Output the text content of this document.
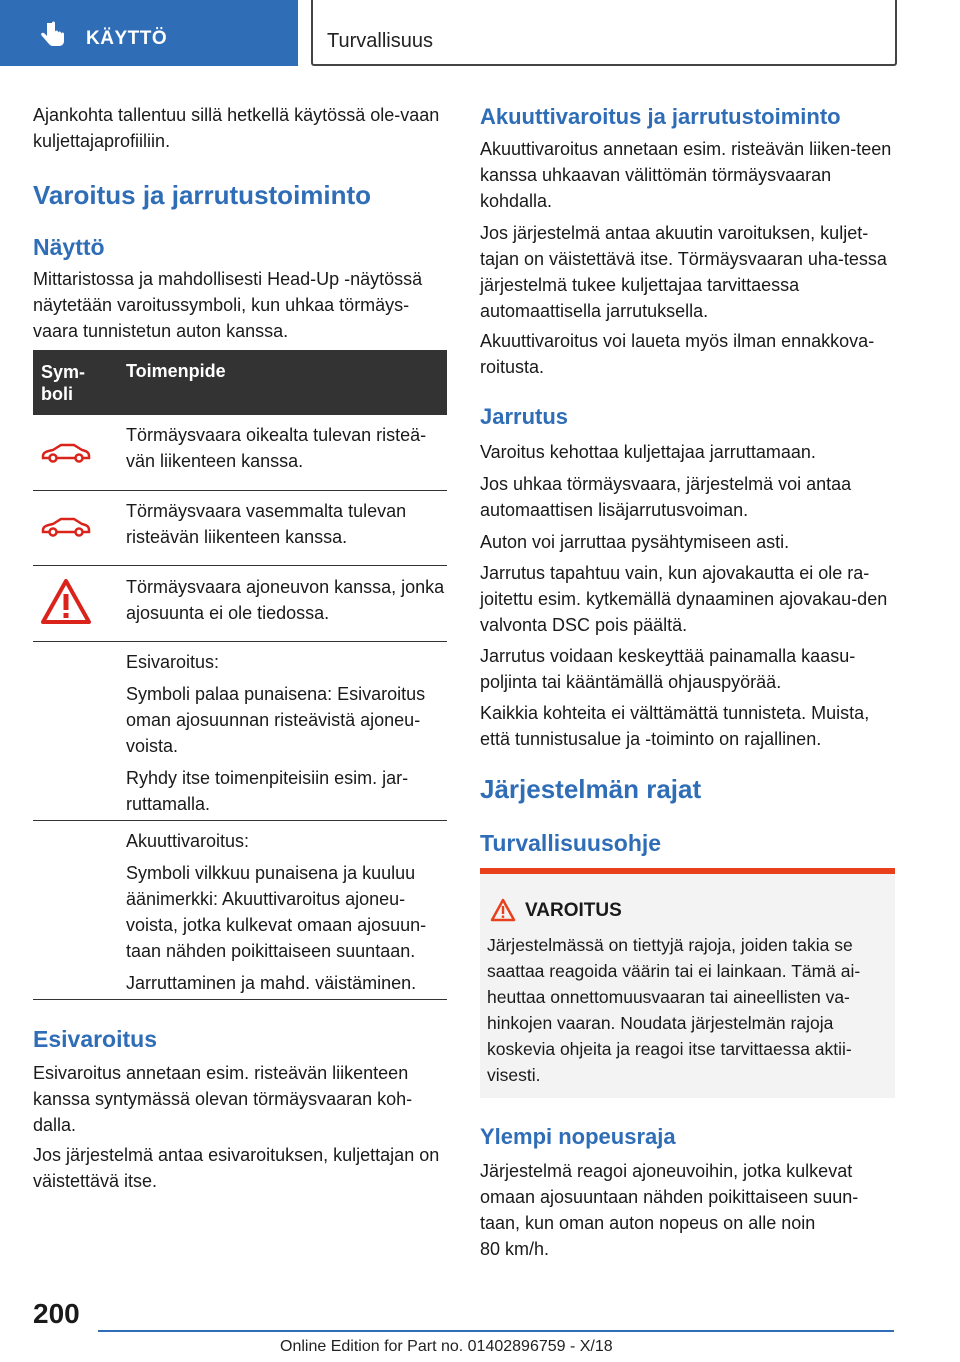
KÄYTTÖ	Turvallisuus

Ajankohta tallentuu sillä hetkellä käytössä ole-vaan kuljettajaprofiiliin.

Varoitus ja jarrutustoiminto
Näyttö

Mittaristossa ja mahdollisesti Head-Up -näytössä näytetään varoitussymboli, kun uhkaa törmäys-vaara tunnistetun auton kanssa.

Sym-boli
Toimenpide
Törmäysvaara oikealta tulevan risteä-vän liikenteen kanssa.
Törmäysvaara vasemmalta tulevan risteävän liikenteen kanssa.
Törmäysvaara ajoneuvon kanssa, jonka ajosuunta ei ole tiedossa.
Esivaroitus:
Symboli palaa punaisena: Esivaroitus oman ajosuunnan risteävistä ajoneu-voista.
Ryhdy itse toimenpiteisiin esim. jar-ruttamalla.
Akuuttivaroitus:
Symboli vilkkuu punaisena ja kuuluu äänimerkki: Akuuttivaroitus ajoneu-voista, jotka kulkevat omaan ajosuun-taan nähden poikittaiseen suuntaan.
Jarruttaminen ja mahd. väistäminen.
Esivaroitus

Esivaroitus annetaan esim. risteävän liikenteen kanssa syntymässä olevan törmäysvaaran koh-dalla.

Jos järjestelmä antaa esivaroituksen, kuljettajan on väistettävä itse.

Akuuttivaroitus ja jarrutustoiminto

Akuuttivaroitus annetaan esim. risteävän liiken-teen kanssa uhkaavan välittömän törmäysvaaran kohdalla.

Jos järjestelmä antaa akuutin varoituksen, kuljet-tajan on väistettävä itse. Törmäysvaaran uha-tessa järjestelmä tukee kuljettajaa tarvittaessa automaattisella jarrutuksella.

Akuuttivaroitus voi laueta myös ilman ennakkova-roitusta.

Jarrutus

Varoitus kehottaa kuljettajaa jarruttamaan.

Jos uhkaa törmäysvaara, järjestelmä voi antaa automaattisen lisäjarrutusvoiman.

Auton voi jarruttaa pysähtymiseen asti.

Jarrutus tapahtuu vain, kun ajovakautta ei ole ra-joitettu esim. kytkemällä dynaaminen ajovakau-den valvonta DSC pois päältä.

Jarrutus voidaan keskeyttää painamalla kaasu-poljinta tai kääntämällä ohjauspyörää.

Kaikkia kohteita ei välttämättä tunnisteta. Muista, että tunnistusalue ja -toiminto on rajallinen.

Järjestelmän rajat
Turvallisuusohje
VAROITUS
Järjestelmässä on tiettyjä rajoja, joiden takia se saattaa reagoida väärin tai ei lainkaan. Tämä ai-heuttaa onnettomuusvaaran tai aineellisten va-hinkojen vaaran. Noudata järjestelmän rajoja koskevia ohjeita ja reagoi itse tarvittaessa aktii-visesti.
Ylempi nopeusraja

Järjestelmä reagoi ajoneuvoihin, jotka kulkevat omaan ajosuuntaan nähden poikittaiseen suun-taan, kun oman auton nopeus on alle noin

80 km/h.

200
Online Edition for Part no. 01402896759 - X/18
